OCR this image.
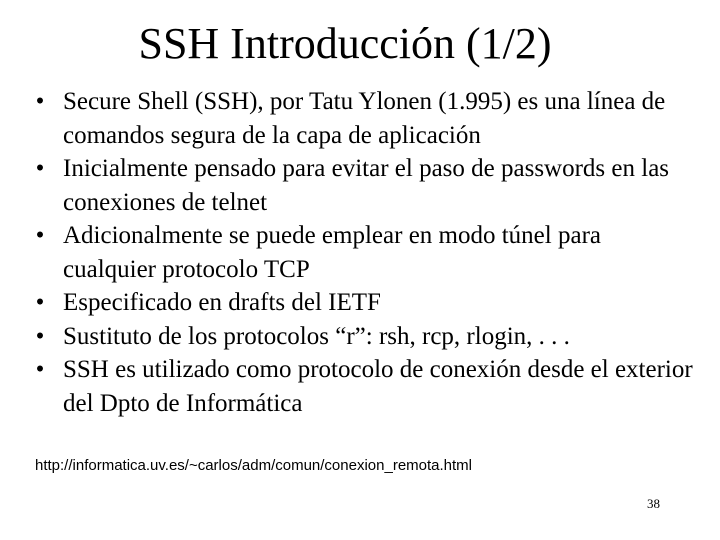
SSH Introducción (1/2)
• Secure Shell (SSH), por Tatu Ylonen (1.995) es una línea de comandos segura de la capa de aplicación
• Inicialmente pensado para evitar el paso de passwords en las conexiones de telnet
• Adicionalmente se puede emplear en modo túnel para cualquier protocolo TCP
• Especificado en drafts del IETF
• Sustituto de los protocolos “r”: rsh, rcp, rlogin, . . .
• SSH es utilizado como protocolo de conexión desde el exterior del Dpto de Informática
http://informatica.uv.es/~carlos/adm/comun/conexion_remota.html
38
